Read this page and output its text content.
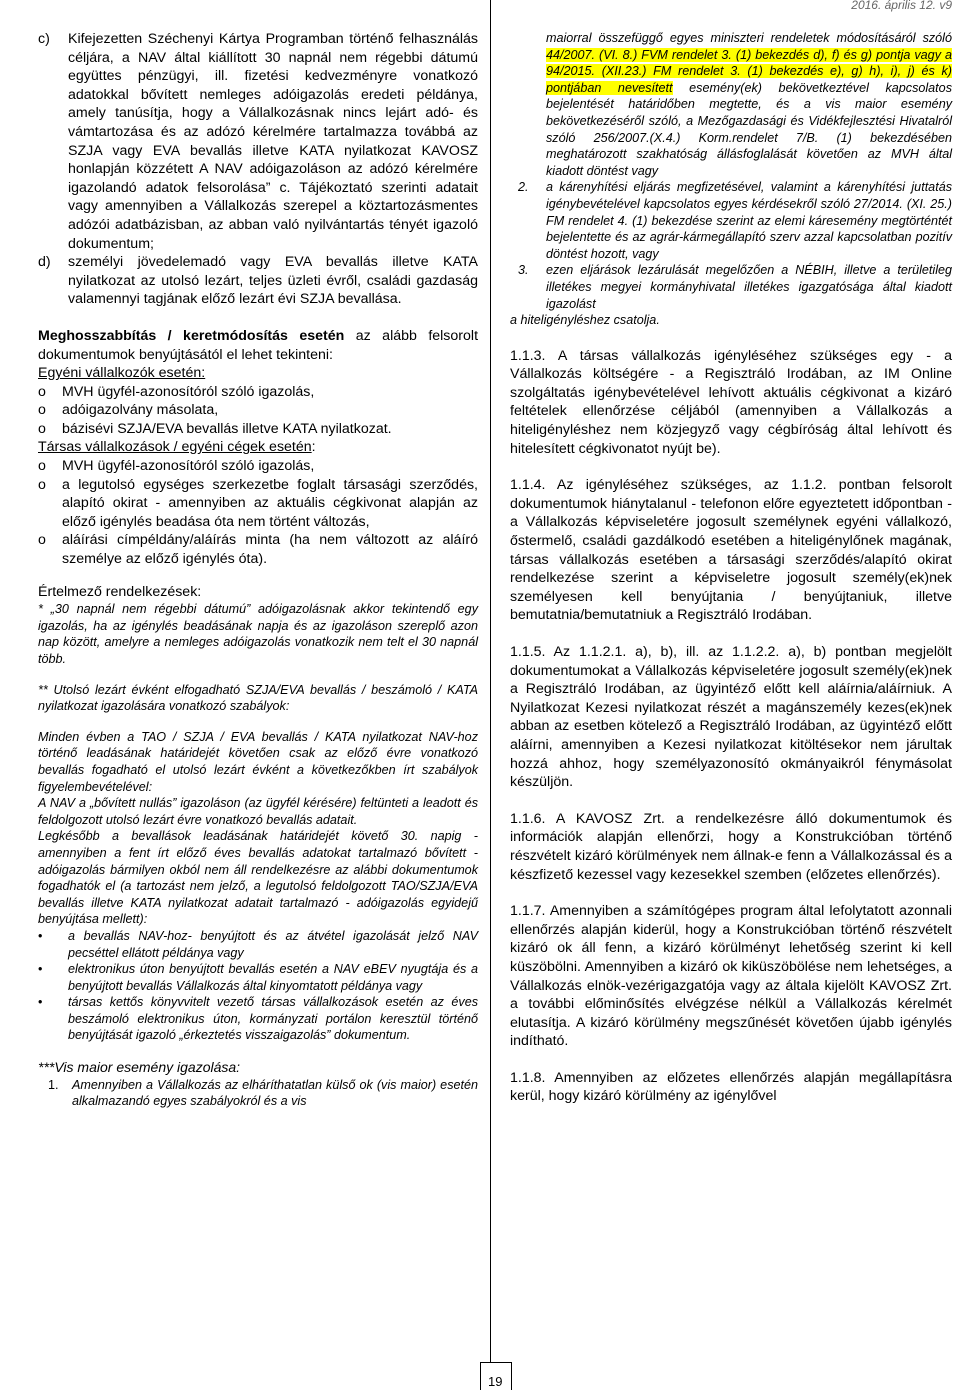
2016. április 12. v9
19
c)	Kifejezetten Széchenyi Kártya Programban történő felhasználás céljára, a NAV által kiállított 30 napnál nem régebbi dátumú együttes pénzügyi, ill. fizetési kedvezményre vonatkozó adatokkal bővített nemleges adóigazolás eredeti példánya, amely tanúsítja, hogy a Vállalkozásnak nincs lejárt adó- és vámtartozása és az adózó kérelmére tartalmazza továbbá az SZJA vagy EVA bevallás illetve KATA nyilatkozat KAVOSZ honlapján közzétett A NAV adóigazoláson az adózó kérelmére igazolandó adatok felsorolása” c. Tájékoztató szerinti adatait vagy amennyiben a Vállalkozás szerepel a köztartozásmentes adózói adatbázisban, az abban való nyilvántartás tényét igazoló dokumentum;
d)	személyi jövedelemadó vagy EVA bevallás illetve KATA nyilatkozat az utolsó lezárt, teljes üzleti évről, családi gazdaság valamennyi tagjának előző lezárt évi SZJA bevallása.

Meghosszabbítás / keretmódosítás esetén az alább felsorolt dokumentumok benyújtásától el lehet tekinteni:

Egyéni vállalkozók esetén:

o	MVH ügyfél-azonosítóról szóló igazolás,
o	adóigazolvány másolata,
o	bázisévi SZJA/EVA bevallás illetve KATA nyilatkozat.

Társas vállalkozások / egyéni cégek esetén:

o	MVH ügyfél-azonosítóról szóló igazolás,
o	a legutolsó egységes szerkezetbe foglalt társasági szerződés, alapító okirat - amennyiben az aktuális cégkivonat alapján az előző igénylés beadása óta nem történt változás,
o	aláírási címpéldány/aláírás minta (ha nem változott az aláíró személye az előző igénylés óta).

Értelmező rendelkezések:

* „30 napnál nem régebbi dátumú” adóigazolásnak akkor tekintendő egy igazolás, ha az igénylés beadásának napja és az igazoláson szereplő azon nap között, amelyre a nemleges adóigazolás vonatkozik nem telt el 30 napnál több.

** Utolsó lezárt évként elfogadható SZJA/EVA bevallás / beszámoló / KATA nyilatkozat igazolására vonatkozó szabályok:

Minden évben a TAO / SZJA / EVA bevallás / KATA nyilatkozat NAV-hoz történő leadásának határidejét követően csak az előző évre vonatkozó bevallás fogadható el utolsó lezárt évként a következőkben írt szabályok figyelembevételével:

A NAV a „bővített nullás” igazoláson (az ügyfél kérésére) feltünteti a leadott és feldolgozott utolsó lezárt évre vonatkozó bevallás adatait.

Legkésőbb a bevallások leadásának határidejét követő 30. napig - amennyiben a fent írt előző éves bevallás adatokat tartalmazó bővített - adóigazolás bármilyen okból nem áll rendelkezésre az alábbi dokumentumok fogadhatók el (a tartozást nem jelző, a legutolsó feldolgozott TAO/SZJA/EVA bevallás illetve KATA nyilatkozat adatait tartalmazó - adóigazolás egyidejű benyújtása mellett):

•	a bevallás NAV-hoz- benyújtott és az átvétel igazolását jelző NAV pecséttel ellátott példánya vagy
•	elektronikus úton benyújtott bevallás esetén a NAV eBEV nyugtája és a benyújtott bevallás Vállalkozás által kinyomtatott példánya vagy
•	társas kettős könyvvitelt vezető társas vállalkozások esetén az éves beszámoló elektronikus úton, kormányzati portálon keresztül történő benyújtását igazoló „érkeztetés visszaigazolás” dokumentum.

***Vis maior esemény igazolása:

1.	Amennyiben a Vállalkozás az elháríthatatlan külső ok (vis maior) esetén alkalmazandó egyes szabályokról és a vis

maiorral összefüggő egyes miniszteri rendeletek módosításáról szóló 44/2007. (VI. 8.) FVM rendelet 3. (1) bekezdés d), f) és g) pontja vagy a 94/2015. (XII.23.) FM rendelet 3. (1) bekezdés e), g) h), i), j) és k) pontjában nevesített esemény(ek) bekövetkeztével kapcsolatos bejelentését határidőben megtette, és a vis maior esemény bekövetkezéséről szóló, a Mezőgazdasági és Vidékfejlesztési Hivatalról szóló 256/2007.(X.4.) Korm.rendelet 7/B. (1) bekezdésében meghatározott szakhatóság állásfoglalását követően az MVH által kiadott döntést vagy

2.	a kárenyhítési eljárás megfizetésével, valamint a kárenyhítési juttatás igénybevételével kapcsolatos egyes kérdésekről szóló 27/2014. (XI. 25.) FM rendelet 4. (1) bekezdése szerint az elemi káresemény megtörténtét bejelentette és az agrár-kármegállapító szerv azzal kapcsolatban pozitív döntést hozott, vagy
3.	ezen eljárások lezárulását megelőzően a NÉBIH, illetve a területileg illetékes megyei kormányhivatal illetékes igazgatósága által kiadott igazolást

a hiteligényléshez csatolja.

1.1.3. A társas vállalkozás igényléséhez szükséges egy - a Vállalkozás költségére - a Regisztráló Irodában, az IM Online szolgáltatás igénybevételével lehívott aktuális cégkivonat a kizáró feltételek ellenőrzése céljából (amennyiben a Vállalkozás a hiteligényléshez nem közjegyző vagy cégbíróság által lehívott és hitelesített cégkivonatot nyújt be).

1.1.4. Az igényléséhez szükséges, az 1.1.2. pontban felsorolt dokumentumok hiánytalanul - telefonon előre egyeztetett időpontban - a Vállalkozás képviseletére jogosult személynek egyéni vállalkozó, őstermelő, családi gazdálkodó esetében a hiteligénylőnek magának, társas vállalkozás esetében a társasági szerződés/alapító okirat rendelkezése szerint a képviseletre jogosult személy(ek)nek személyesen kell benyújtania / benyújtaniuk, illetve bemutatnia/bemutatniuk a Regisztráló Irodában.

1.1.5. Az 1.1.2.1. a), b), ill. az 1.1.2.2. a), b) pontban megjelölt dokumentumokat a Vállalkozás képviseletére jogosult személy(ek)nek a Regisztráló Irodában, az ügyintéző előtt kell aláírnia/aláírniuk. A Nyilatkozat Kezesi nyilatkozat részét a magánszemély kezes(ek)nek abban az esetben kötelező a Regisztráló Irodában, az ügyintéző előtt aláírni, amennyiben a Kezesi nyilatkozat kitöltésekor nem járultak hozzá ahhoz, hogy személyazonosító okmányaikról fénymásolat készüljön.

1.1.6. A KAVOSZ Zrt. a rendelkezésre álló dokumentumok és információk alapján ellenőrzi, hogy a Konstrukcióban történő részvételt kizáró körülmények nem állnak-e fenn a Vállalkozással és a készfizető kezessel vagy kezesekkel szemben (előzetes ellenőrzés).

1.1.7. Amennyiben a számítógépes program által lefolytatott azonnali ellenőrzés alapján kiderül, hogy a Konstrukcióban történő részvételt kizáró ok áll fenn, a kizáró körülményt lehetőség szerint ki kell küszöbölni. Amennyiben a kizáró ok kiküszöbölése nem lehetséges, a Vállalkozás elnök-vezérigazgatója vagy az általa kijelölt KAVOSZ Zrt. a további előminősítés elvégzése nélkül a Vállalkozás kérelmét elutasítja. A kizáró körülmény megszűnését követően újabb igénylés indítható.

1.1.8. Amennyiben az előzetes ellenőrzés alapján megállapításra kerül, hogy kizáró körülmény az igénylővel
